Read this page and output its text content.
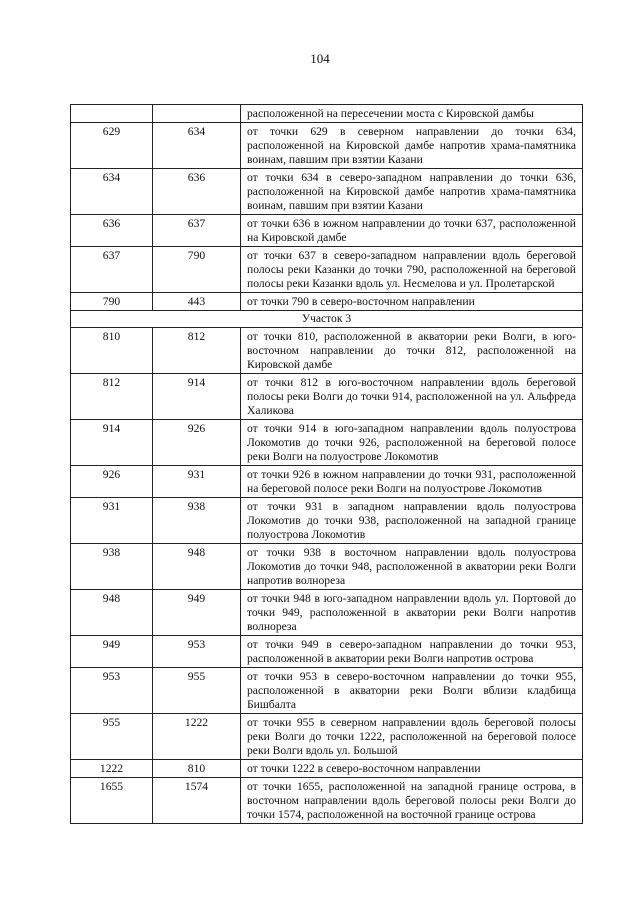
104
		расположенной на пересечении моста с Кировской дамбы
629	634	от точки 629 в северном направлении до точки 634, расположенной на Кировской дамбе напротив храма-памятника воинам, павшим при взятии Казани
634	636	от точки 634 в северо-западном направлении до точки 636, расположенной на Кировской дамбе напротив храма-памятника воинам, павшим при взятии Казани
636	637	от точки 636 в южном направлении до точки 637, расположенной на Кировской дамбе
637	790	от точки 637 в северо-западном направлении вдоль береговой полосы реки Казанки до точки 790, расположенной на береговой полосы реки Казанки вдоль ул. Несмелова и ул. Пролетарской
790	443	от точки 790 в северо-восточном направлении
Участок 3		
810	812	от точки 810, расположенной в акватории реки Волги, в юго-восточном направлении до точки 812, расположенной на Кировской дамбе
812	914	от точки 812 в юго-восточном направлении вдоль береговой полосы реки Волги до точки 914, расположенной на ул. Альфреда Халикова
914	926	от точки 914 в юго-западном направлении вдоль полуострова Локомотив до точки 926, расположенной на береговой полосе реки Волги на полуострове Локомотив
926	931	от точки 926 в южном направлении до точки 931, расположенной на береговой полосе реки Волги на полуострове Локомотив
931	938	от точки 931 в западном направлении вдоль полуострова Локомотив до точки 938, расположенной на западной границе полуострова Локомотив
938	948	от точки 938 в восточном направлении вдоль полуострова Локомотив до точки 948, расположенной в акватории реки Волги напротив волнореза
948	949	от точки 948 в юго-западном направлении вдоль ул. Портовой до точки 949, расположенной в акватории реки Волги напротив волнореза
949	953	от точки 949 в северо-западном направлении до точки 953, расположенной в акватории реки Волги напротив острова
953	955	от точки 953 в северо-восточном направлении до точки 955, расположенной в акватории реки Волги вблизи кладбища Бишбалта
955	1222	от точки 955 в северном направлении вдоль береговой полосы реки Волги до точки 1222, расположенной на береговой полосе реки Волги вдоль ул. Большой
1222	810	от точки 1222 в северо-восточном направлении
1655	1574	от точки 1655, расположенной на западной границе острова, в восточном направлении вдоль береговой полосы реки Волги до точки 1574, расположенной на восточной границе острова
